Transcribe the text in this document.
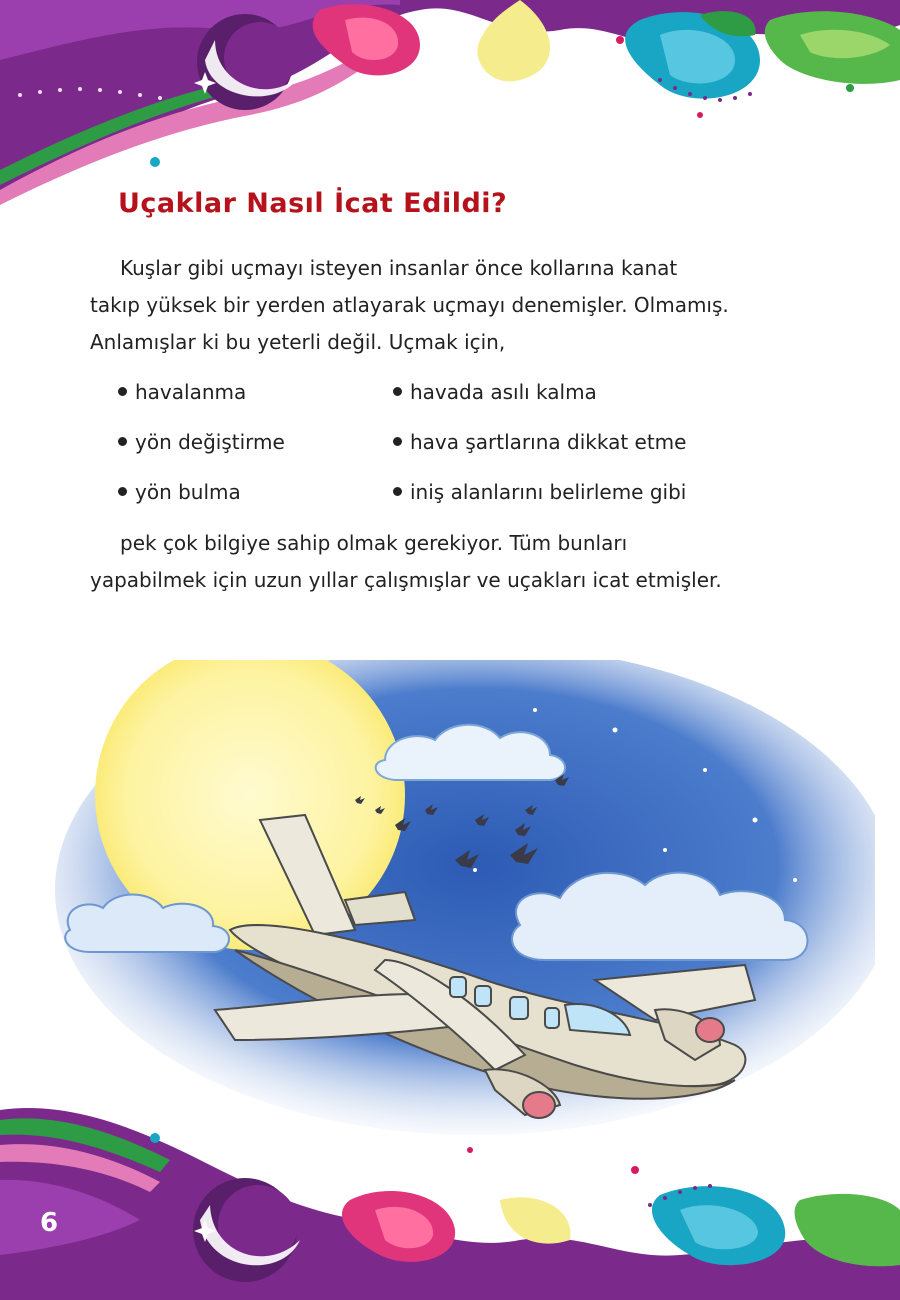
Uçaklar Nasıl İcat Edildi?
Kuşlar gibi uçmayı isteyen insanlar önce kollarına kanat
takıp yüksek bir yerden atlayarak uçmayı denemişler. Olmamış.
Anlamışlar ki bu yeterli değil. Uçmak için,
havalanma
yön değiştirme
yön bulma
havada asılı kalma
hava şartlarına dikkat etme
iniş alanlarını belirleme gibi
pek çok bilgiye sahip olmak gerekiyor. Tüm bunları
yapabilmek için uzun yıllar çalışmışlar ve uçakları icat etmişler.
6
